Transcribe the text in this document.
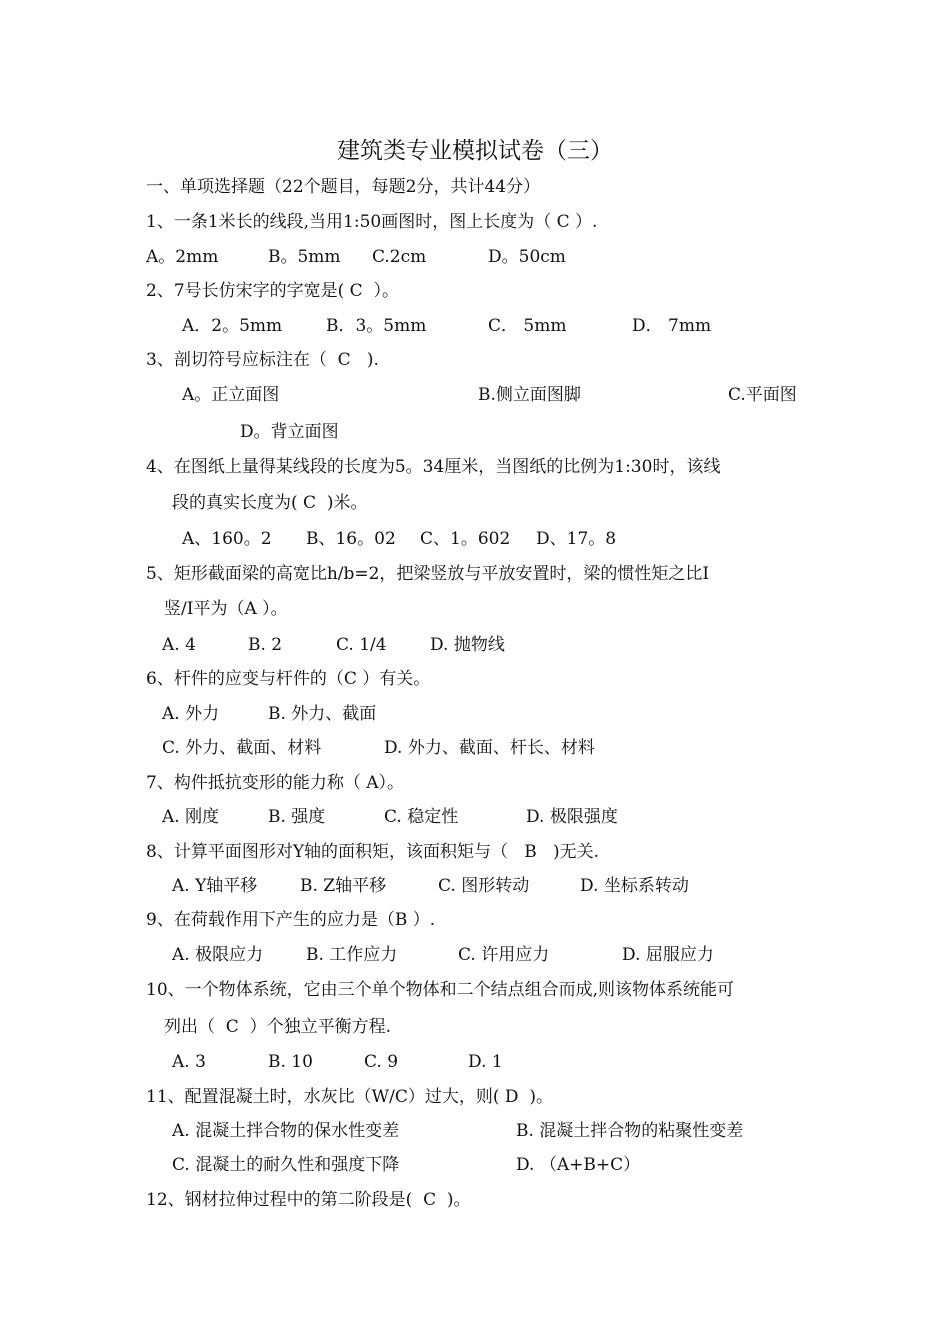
建筑类专业模拟试卷（三）
一、单项选择题（22个题目，每题2分，共计44分）
1、一条1米长的线段,当用1:50画图时，图上长度为（ C ）.
A。2mm	B。5mm C.2cm	D。50cm
2、7号长仿宋字的字宽是( C  ）。
A．2。5mm	B．3。5mm	C． 5mm	D． 7mm
3、剖切符号应标注在（  C   ).
A。正立面图	B.侧立面图脚	C.平面图
D。背立面图
4、在图纸上量得某线段的长度为5。34厘米，当图纸的比例为1:30时，该线
段的真实长度为( C  )米。
A、160。2 B、16。02 C、1。602 D、17。8
5、矩形截面梁的高宽比h/b=2，把梁竖放与平放安置时，梁的惯性矩之比I
竖/I平为（A ）。
A. 4	B. 2	C. 1/4	D. 抛物线
6、杆件的应变与杆件的（C ）有关。
A. 外力	B. 外力、截面
C. 外力、截面、材料	D. 外力、截面、杆长、材料
7、构件抵抗变形的能力称（ A）。
A. 刚度	B. 强度	C. 稳定性	D. 极限强度
8、计算平面图形对Y轴的面积矩，该面积矩与（   B   )无关.
A. Y轴平移	B. Z轴平移	C. 图形转动	D. 坐标系转动
9、在荷载作用下产生的应力是（B ）.
A. 极限应力	B. 工作应力	C. 许用应力	D. 屈服应力
10、一个物体系统，它由三个单个物体和二个结点组合而成,则该物体系统能可
列出（  C  ）个独立平衡方程.
A. 3	B. 10	C. 9	D. 1
11、配置混凝土时，水灰比（W/C）过大，则( D  )。
A. 混凝土拌合物的保水性变差	B. 混凝土拌合物的粘聚性变差
C. 混凝土的耐久性和强度下降	D. （A+B+C）
12、钢材拉伸过程中的第二阶段是(  C  )。
